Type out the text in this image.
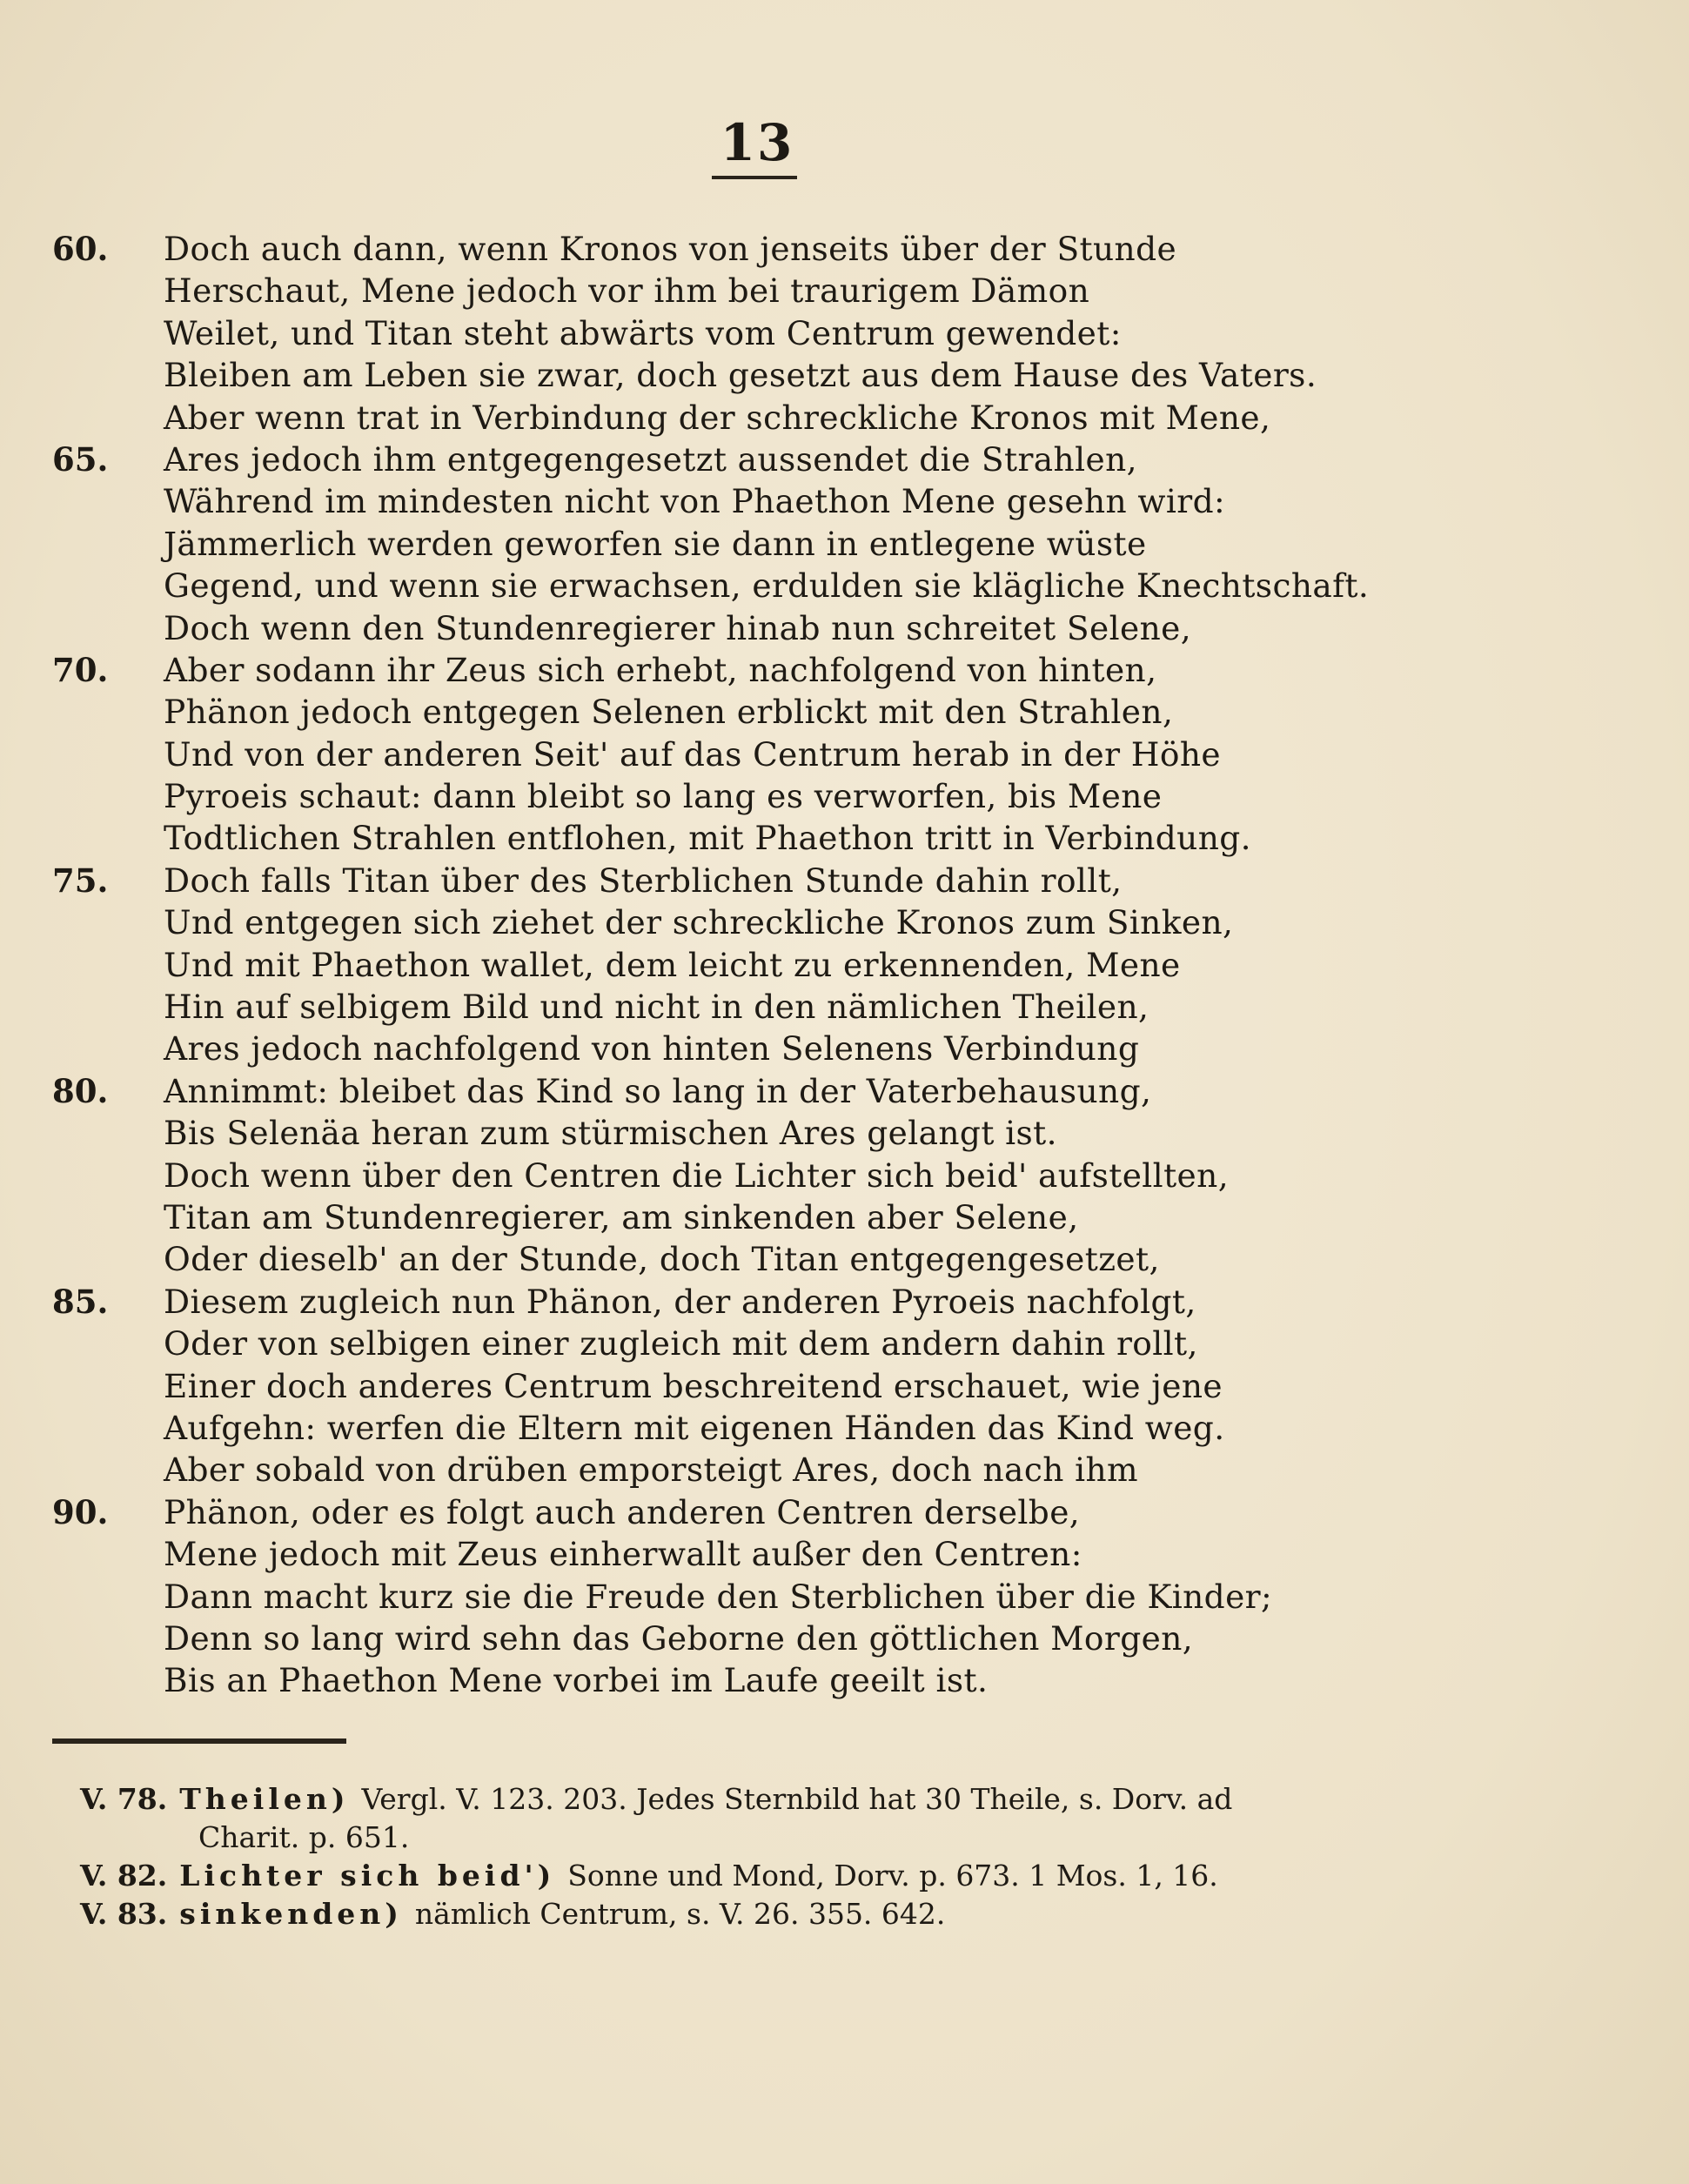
13
60.	Doch auch dann, wenn Kronos von jenseits über der Stunde
Herschaut, Mene jedoch vor ihm bei traurigem Dämon
Weilet, und Titan steht abwärts vom Centrum gewendet:
Bleiben am Leben sie zwar, doch gesetzt aus dem Hause des Vaters.
Aber wenn trat in Verbindung der schreckliche Kronos mit Mene,
65.	Ares jedoch ihm entgegengesetzt aussendet die Strahlen,
Während im mindesten nicht von Phaethon Mene gesehn wird:
Jämmerlich werden geworfen sie dann in entlegene wüste
Gegend, und wenn sie erwachsen, erdulden sie klägliche Knechtschaft.
Doch wenn den Stundenregierer hinab nun schreitet Selene,
70.	Aber sodann ihr Zeus sich erhebt, nachfolgend von hinten,
Phänon jedoch entgegen Selenen erblickt mit den Strahlen,
Und von der anderen Seit' auf das Centrum herab in der Höhe
Pyroeis schaut: dann bleibt so lang es verworfen, bis Mene
Todtlichen Strahlen entflohen, mit Phaethon tritt in Verbindung.
75.	Doch falls Titan über des Sterblichen Stunde dahin rollt,
Und entgegen sich ziehet der schreckliche Kronos zum Sinken,
Und mit Phaethon wallet, dem leicht zu erkennenden, Mene
Hin auf selbigem Bild und nicht in den nämlichen Theilen,
Ares jedoch nachfolgend von hinten Selenens Verbindung
80.	Annimmt: bleibet das Kind so lang in der Vaterbehausung,
Bis Selenäa heran zum stürmischen Ares gelangt ist.
Doch wenn über den Centren die Lichter sich beid' aufstellten,
Titan am Stundenregierer, am sinkenden aber Selene,
Oder dieselb' an der Stunde, doch Titan entgegengesetzet,
85.	Diesem zugleich nun Phänon, der anderen Pyroeis nachfolgt,
Oder von selbigen einer zugleich mit dem andern dahin rollt,
Einer doch anderes Centrum beschreitend erschauet, wie jene
Aufgehn: werfen die Eltern mit eigenen Händen das Kind weg.
Aber sobald von drüben emporsteigt Ares, doch nach ihm
90.	Phänon, oder es folgt auch anderen Centren derselbe,
Mene jedoch mit Zeus einherwallt außer den Centren:
Dann macht kurz sie die Freude den Sterblichen über die Kinder;
Denn so lang wird sehn das Geborne den göttlichen Morgen,
Bis an Phaethon Mene vorbei im Laufe geeilt ist.
V. 78. Theilen) Vergl. V. 123. 203. Jedes Sternbild hat 30 Theile, s. Dorv. ad
Charit. p. 651.
V. 82. Lichter sich beid') Sonne und Mond, Dorv. p. 673. 1 Mos. 1, 16.
V. 83. sinkenden) nämlich Centrum, s. V. 26. 355. 642.
